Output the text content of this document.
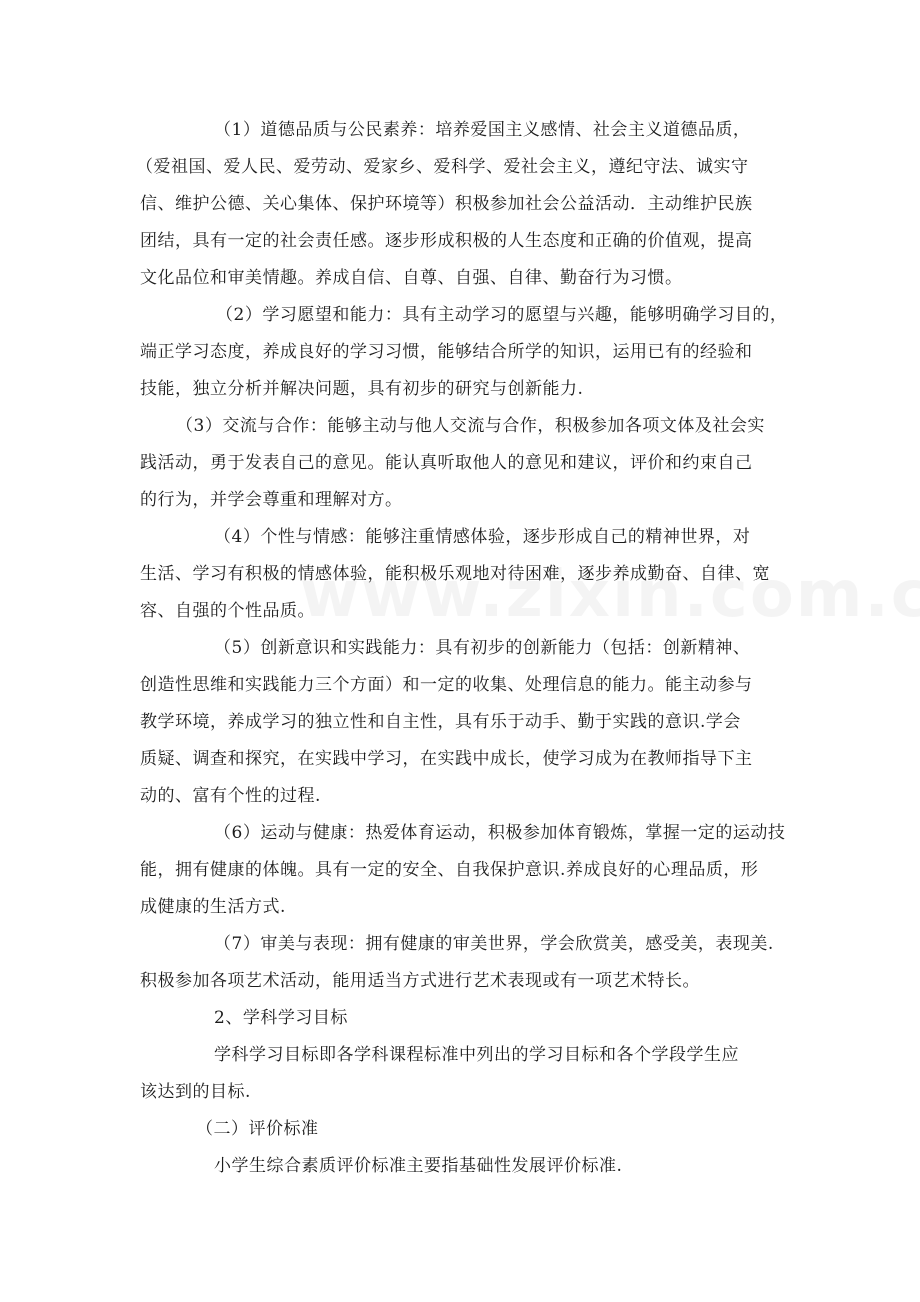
（1）道德品质与公民素养：培养爱国主义感情、社会主义道德品质，
（爱祖国、爱人民、爱劳动、爱家乡、爱科学、爱社会主义，遵纪守法、诚实守
信、维护公德、关心集体、保护环境等）积极参加社会公益活动．主动维护民族
团结，具有一定的社会责任感。逐步形成积极的人生态度和正确的价值观，提高
文化品位和审美情趣。养成自信、自尊、自强、自律、勤奋行为习惯。
（2）学习愿望和能力：具有主动学习的愿望与兴趣，能够明确学习目的，
端正学习态度，养成良好的学习习惯，能够结合所学的知识，运用已有的经验和
技能，独立分析并解决问题，具有初步的研究与创新能力.
（3）交流与合作：能够主动与他人交流与合作，积极参加各项文体及社会实
践活动，勇于发表自己的意见。能认真听取他人的意见和建议，评价和约束自己
的行为，并学会尊重和理解对方。
（4）个性与情感：能够注重情感体验，逐步形成自己的精神世界，对
生活、学习有积极的情感体验，能积极乐观地对待困难，逐步养成勤奋、自律、宽
容、自强的个性品质。
（5）创新意识和实践能力：具有初步的创新能力（包括：创新精神、
创造性思维和实践能力三个方面）和一定的收集、处理信息的能力。能主动参与
教学环境，养成学习的独立性和自主性，具有乐于动手、勤于实践的意识.学会
质疑、调查和探究，在实践中学习，在实践中成长，使学习成为在教师指导下主
动的、富有个性的过程.
（6）运动与健康：热爱体育运动，积极参加体育锻炼，掌握一定的运动技
能，拥有健康的体魄。具有一定的安全、自我保护意识.养成良好的心理品质，形
成健康的生活方式.
（7）审美与表现：拥有健康的审美世界，学会欣赏美，感受美，表现美.
积极参加各项艺术活动，能用适当方式进行艺术表现或有一项艺术特长。
2、学科学习目标
学科学习目标即各学科课程标准中列出的学习目标和各个学段学生应
该达到的目标.
（二）评价标准
小学生综合素质评价标准主要指基础性发展评价标准.
